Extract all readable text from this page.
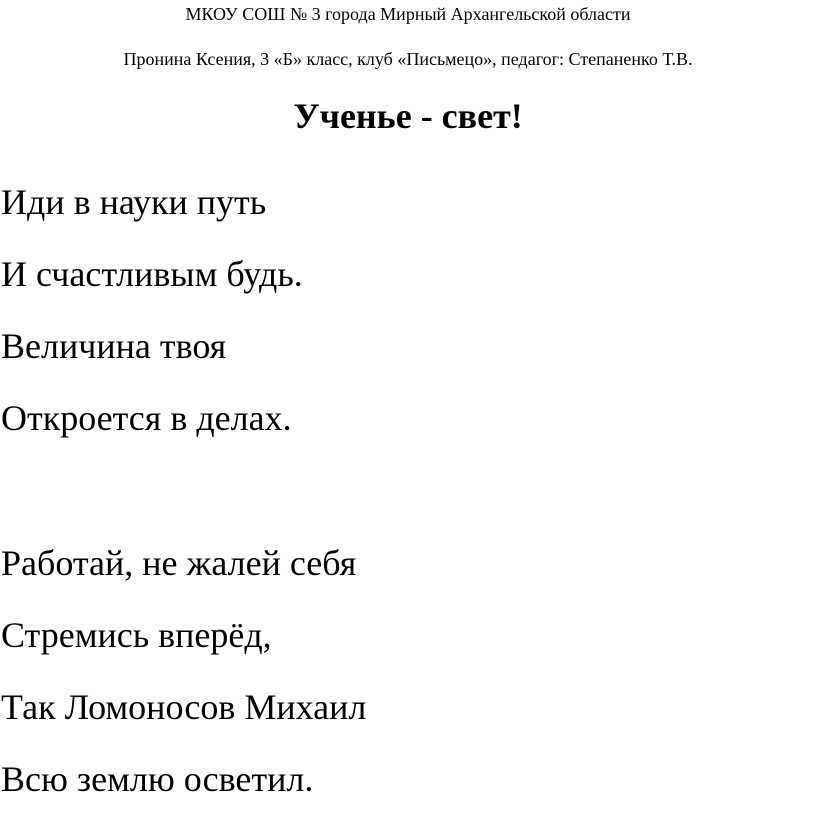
МКОУ СОШ № 3 города Мирный Архангельской области
Пронина Ксения, 3 «Б» класс, клуб «Письмецо», педагог: Степаненко Т.В.
Ученье - свет!
Иди в науки путь
И счастливым будь.
Величина твоя
Откроется в делах.
Работай, не жалей себя
Стремись вперёд,
Так Ломоносов Михаил
Всю землю осветил.
